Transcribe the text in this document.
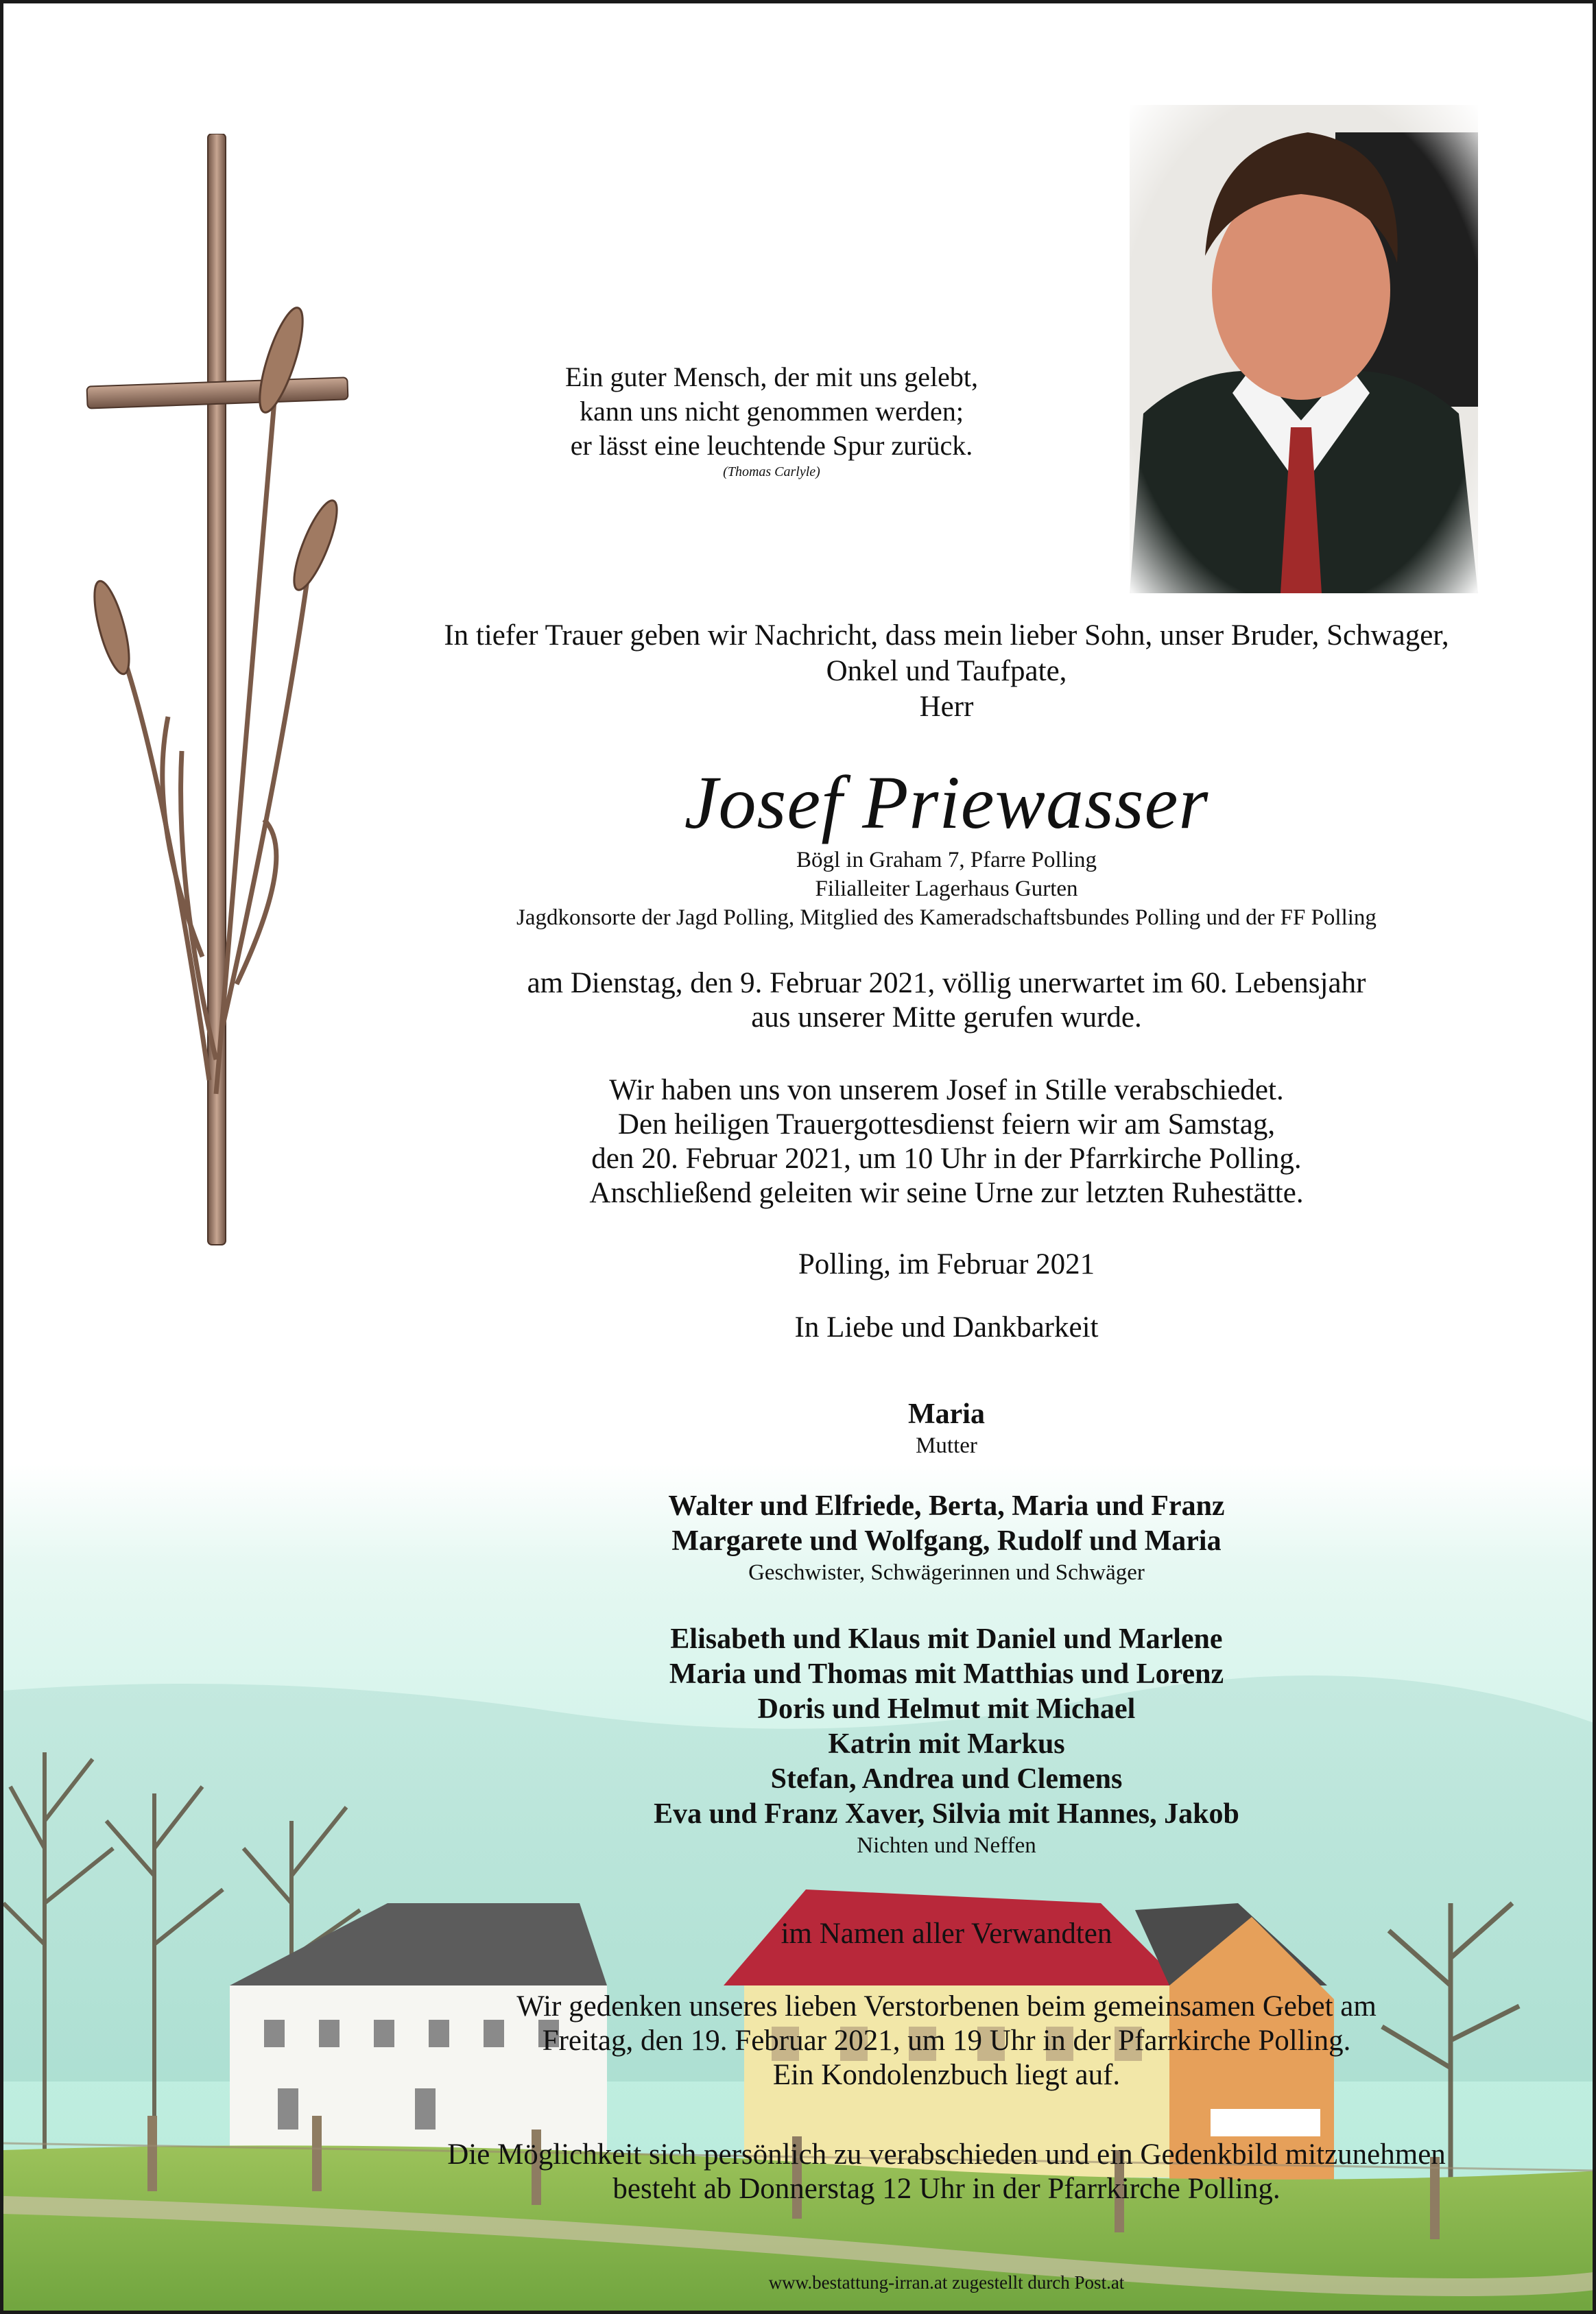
Ein guter Mensch, der mit uns gelebt,
kann uns nicht genommen werden;
er lässt eine leuchtende Spur zurück.
(Thomas Carlyle)
In tiefer Trauer geben wir Nachricht, dass mein lieber Sohn, unser Bruder, Schwager,
Onkel und Taufpate,
Herr
Josef Priewasser
Bögl in Graham 7, Pfarre Polling
Filialleiter Lagerhaus Gurten
Jagdkonsorte der Jagd Polling, Mitglied des Kameradschaftsbundes Polling und der FF Polling
am Dienstag, den 9. Februar 2021, völlig unerwartet im 60. Lebensjahr
aus unserer Mitte gerufen wurde.
Wir haben uns von unserem Josef in Stille verabschiedet.
Den heiligen Trauergottesdienst feiern wir am Samstag,
den 20. Februar 2021, um 10 Uhr in der Pfarrkirche Polling.
Anschließend geleiten wir seine Urne zur letzten Ruhestätte.
Polling, im Februar 2021
In Liebe und Dankbarkeit
Maria
Mutter
Walter und Elfriede, Berta, Maria und Franz
Margarete und Wolfgang, Rudolf und Maria
Geschwister, Schwägerinnen und Schwäger
Elisabeth und Klaus mit Daniel und Marlene
Maria und Thomas mit Matthias und Lorenz
Doris und Helmut mit Michael
Katrin mit Markus
Stefan, Andrea und Clemens
Eva und Franz Xaver, Silvia mit Hannes, Jakob
Nichten und Neffen
im Namen aller Verwandten
Wir gedenken unseres lieben Verstorbenen beim gemeinsamen Gebet am
Freitag, den 19. Februar 2021, um 19 Uhr in der Pfarrkirche Polling.
Ein Kondolenzbuch liegt auf.
Die Möglichkeit sich persönlich zu verabschieden und ein Gedenkbild mitzunehmen
besteht ab Donnerstag 12 Uhr in der Pfarrkirche Polling.
www.bestattung-irran.at zugestellt durch Post.at
